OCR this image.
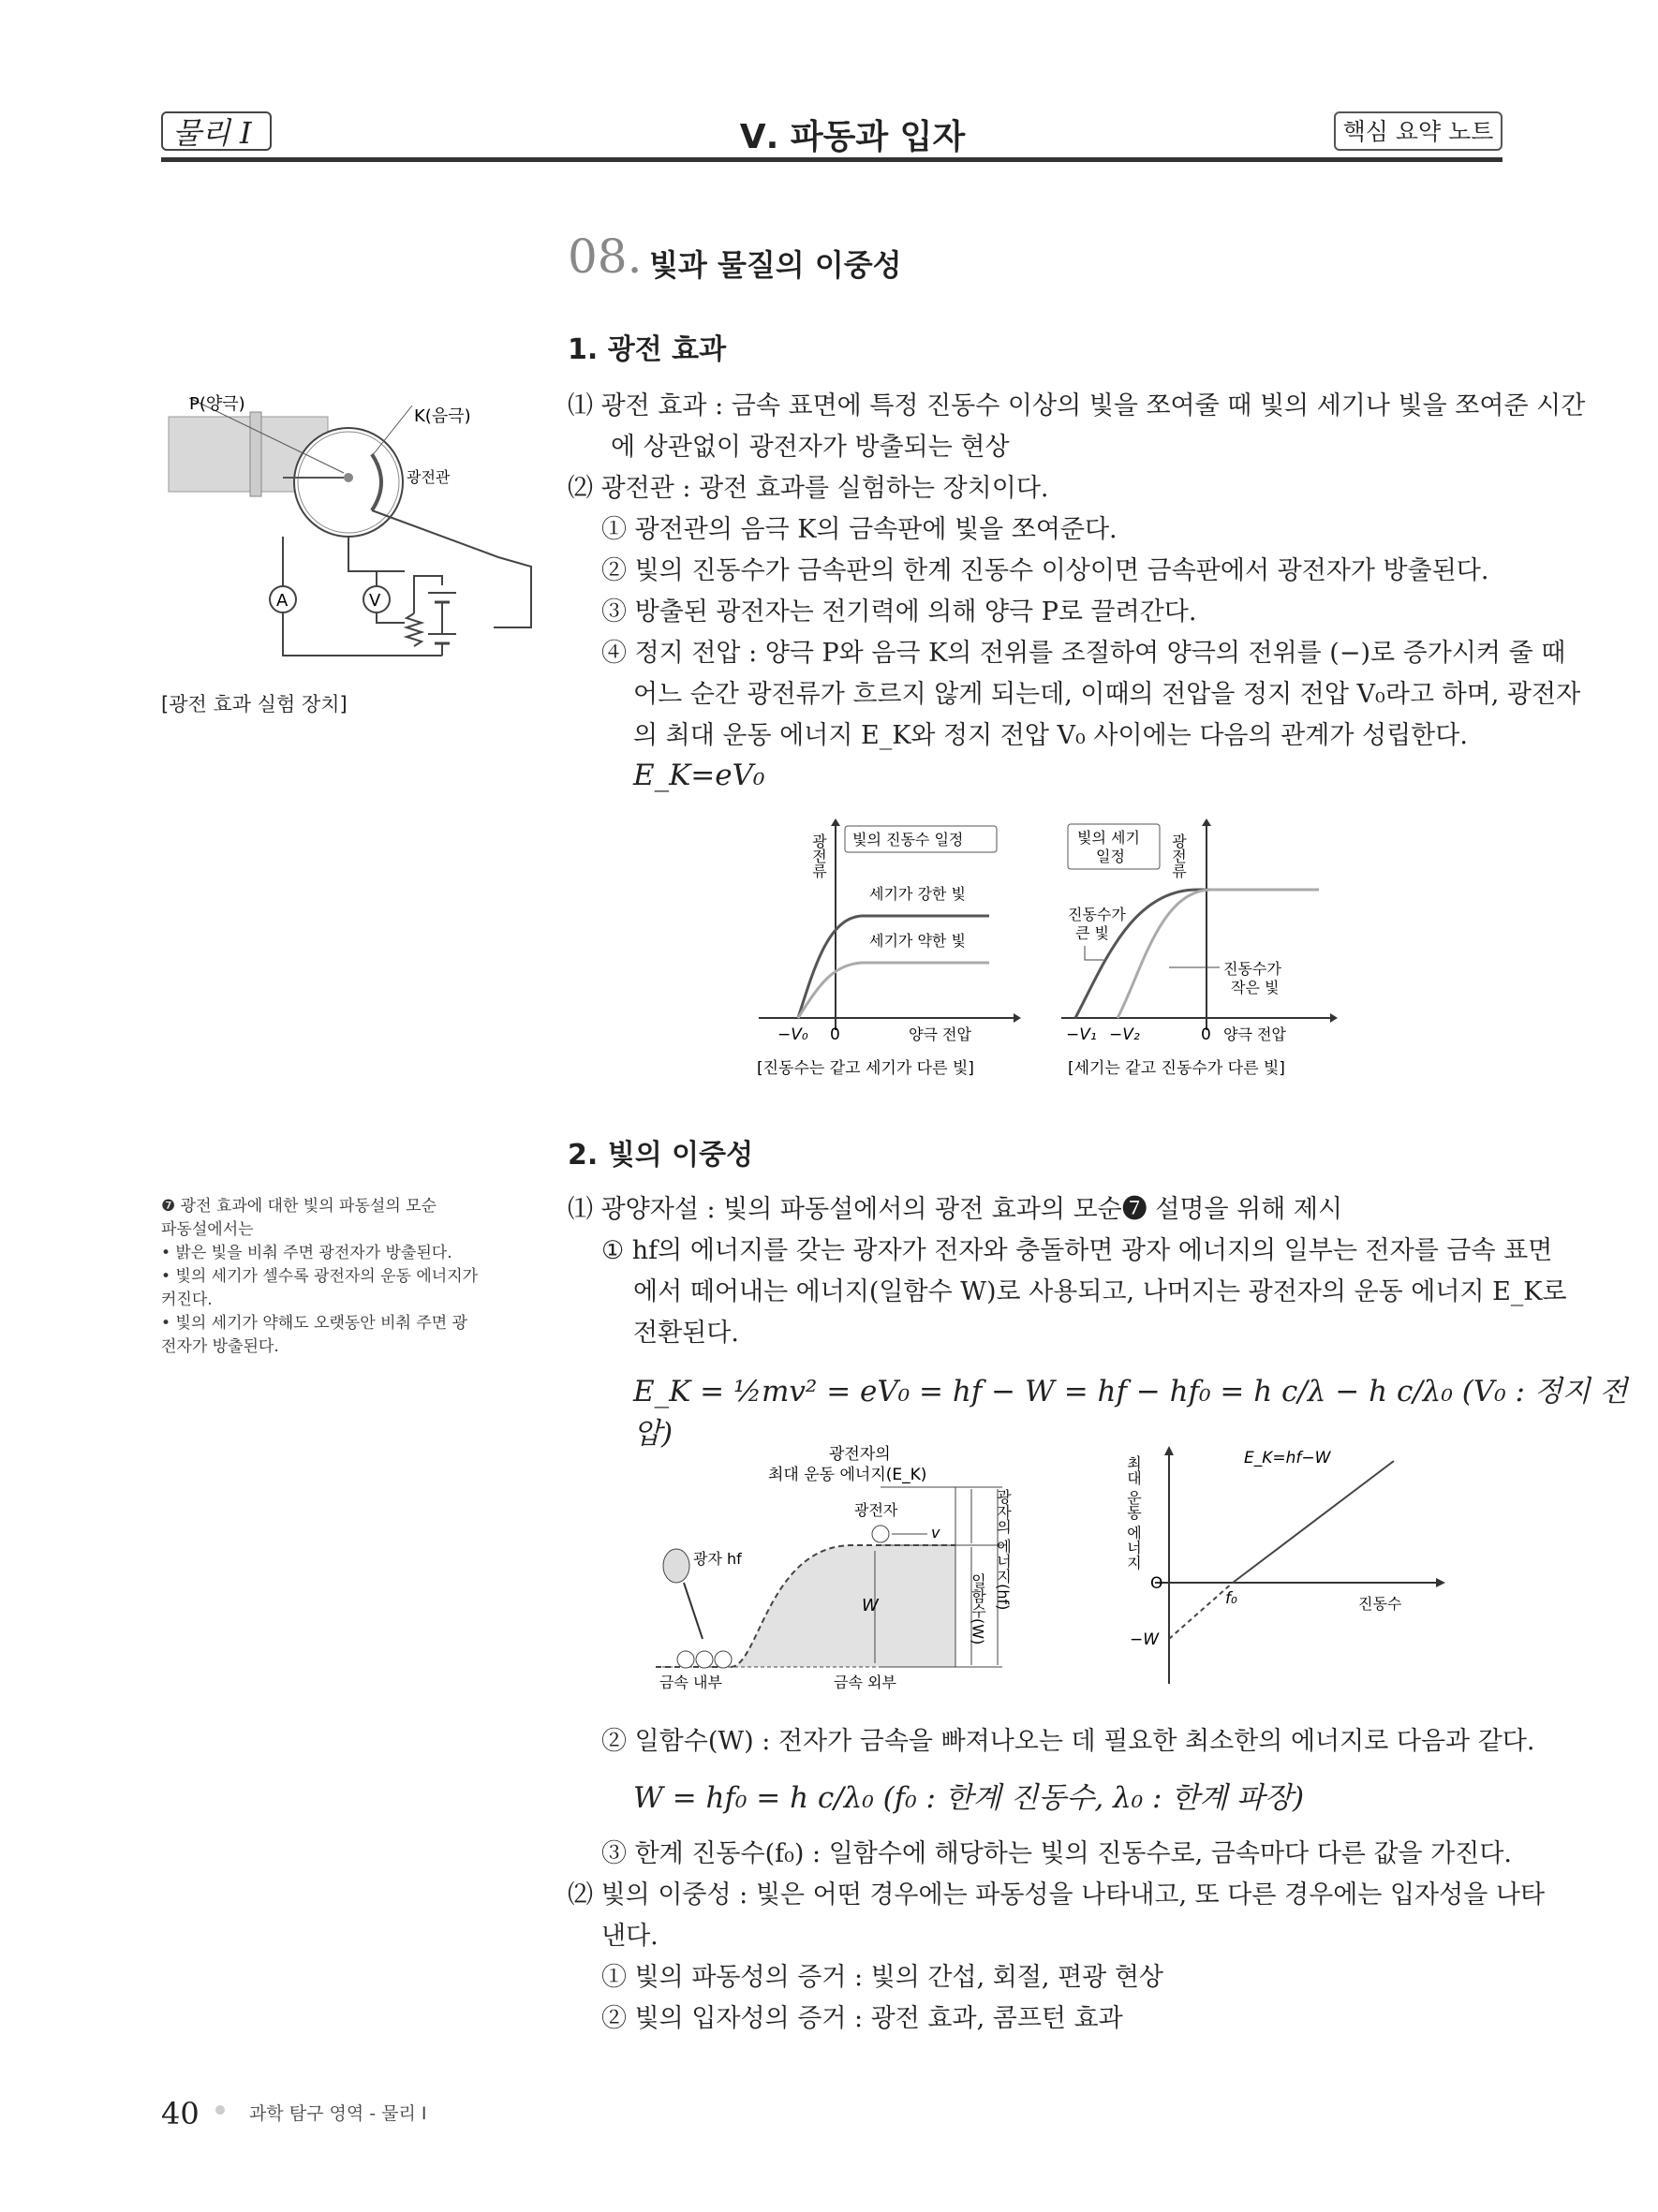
물리 Ⅰ	Ⅴ. 파동과 입자	핵심 요약 노트
08. 빛과 물질의 이중성
1. 광전 효과
⑴ 광전 효과 : 금속 표면에 특정 진동수 이상의 빛을 쪼여줄 때 빛의 세기나 빛을 쪼여준 시간
에 상관없이 광전자가 방출되는 현상
⑵ 광전관 : 광전 효과를 실험하는 장치이다.
① 광전관의 음극 K의 금속판에 빛을 쪼여준다.
② 빛의 진동수가 금속판의 한계 진동수 이상이면 금속판에서 광전자가 방출된다.
③ 방출된 광전자는 전기력에 의해 양극 P로 끌려간다.
④ 정지 전압 : 양극 P와 음극 K의 전위를 조절하여 양극의 전위를 (−)로 증가시켜 줄 때
어느 순간 광전류가 흐르지 않게 되는데, 이때의 전압을 정지 전압 V₀라고 하며, 광전자
의 최대 운동 에너지 E_K와 정지 전압 V₀ 사이에는 다음의 관계가 성립한다.
E_K=eV₀
P(양극)
K(음극)
광전관
A	V
[광전 효과 실험 장치]
광전류 빛의 진동수 일정
세기가 강한 빛
세기가 약한 빛
−V₀ 0	양극 전압
[진동수는 같고 세기가 다른 빛]
빛의 세기
일정	광전류
진동수가
큰 빛
진동수가
작은 빛
−V₁ −V₂	0 양극 전압
[세기는 같고 진동수가 다른 빛]
2. 빛의 이중성
⑴ 광양자설 : 빛의 파동설에서의 광전 효과의 모순❼ 설명을 위해 제시
① hf의 에너지를 갖는 광자가 전자와 충돌하면 광자 에너지의 일부는 전자를 금속 표면
에서 떼어내는 에너지(일함수 W)로 사용되고, 나머지는 광전자의 운동 에너지 E_K로
전환된다.
E_K = ½mv² = eV₀ = hf − W = hf − hf₀ = h c/λ − h c/λ₀ (V₀ : 정지 전압)
광전자의
최대 운동 에너지(E_K)
W
광전자
v
광자 hf
일함수(W) 광자의 에너지(hf)
금속 내부	금속 외부
최대 운동 에너지	E_K=hf−W
O
f₀	진동수
−W
② 일함수(W) : 전자가 금속을 빠져나오는 데 필요한 최소한의 에너지로 다음과 같다.
W = hf₀ = h c/λ₀ (f₀ : 한계 진동수, λ₀ : 한계 파장)
③ 한계 진동수(f₀) : 일함수에 해당하는 빛의 진동수로, 금속마다 다른 값을 가진다.
⑵ 빛의 이중성 : 빛은 어떤 경우에는 파동성을 나타내고, 또 다른 경우에는 입자성을 나타
낸다.
① 빛의 파동성의 증거 : 빛의 간섭, 회절, 편광 현상
② 빛의 입자성의 증거 : 광전 효과, 콤프턴 효과
❼ 광전 효과에 대한 빛의 파동설의 모순
파동설에서는
• 밝은 빛을 비춰 주면 광전자가 방출된다.
• 빛의 세기가 셀수록 광전자의 운동 에너지가
커진다.
• 빛의 세기가 약해도 오랫동안 비춰 주면 광
전자가 방출된다.
40	과학 탐구 영역 - 물리 Ⅰ
